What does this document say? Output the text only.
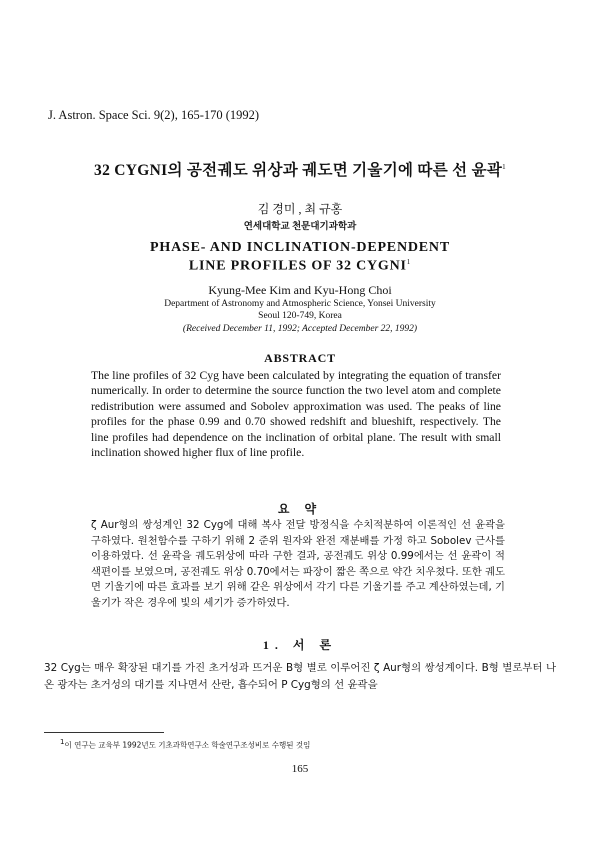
J. Astron. Space Sci. 9(2), 165-170 (1992)
32 CYGNI의 공전궤도 위상과 궤도면 기울기에 따른 선 윤곽$^1$
김 경미 , 최 규홍
연세대학교 천문대기과학과
PHASE- AND INCLINATION-DEPENDENT
LINE PROFILES OF 32 CYGNI$^1$
Kyung-Mee Kim and Kyu-Hong Choi
Department of Astronomy and Atmospheric Science, Yonsei University
Seoul 120-749, Korea
(Received December 11, 1992; Accepted December 22, 1992)
ABSTRACT
The line profiles of 32 Cyg have been calculated by integrating the equation of transfer numerically. In order to determine the source function the two level atom and complete redistribution were assumed and Sobolev approximation was used. The peaks of line profiles for the phase 0.99 and 0.70 showed redshift and blueshift, respectively. The line profiles had dependence on the inclination of orbital plane. The result with small inclination showed higher flux of line profile.
요 약
ζ Aur형의 쌍성계인 32 Cyg에 대해 복사 전달 방정식을 수치적분하여 이론적인 선 윤곽을 구하였다. 원천함수를 구하기 위해 2 준위 원자와 완전 재분배를 가정 하고 Sobolev 근사를 이용하였다. 선 윤곽을 궤도위상에 따라 구한 결과, 공전궤도 위상 0.99에서는 선 윤곽이 적색편이를 보였으며, 공전궤도 위상 0.70에서는 파장이 짧은 쪽으로 약간 치우쳤다. 또한 궤도면 기울기에 따른 효과를 보기 위해 같은 위상에서 각기 다른 기울기를 주고 계산하였는데, 기울기가 작은 경우에 빛의 세기가 증가하였다.
1. 서 론
32 Cyg는 매우 확장된 대기를 가진 초거성과 뜨거운 B형 별로 이루어진 ζ Aur형의 쌍성계이다. B형 별로부터 나온 광자는 초거성의 대기를 지나면서 산란, 흡수되어 P Cyg형의 선 윤곽을
$^1$이 연구는 교육부 1992년도 기초과학연구소 학술연구조성비로 수행된 것임
165
